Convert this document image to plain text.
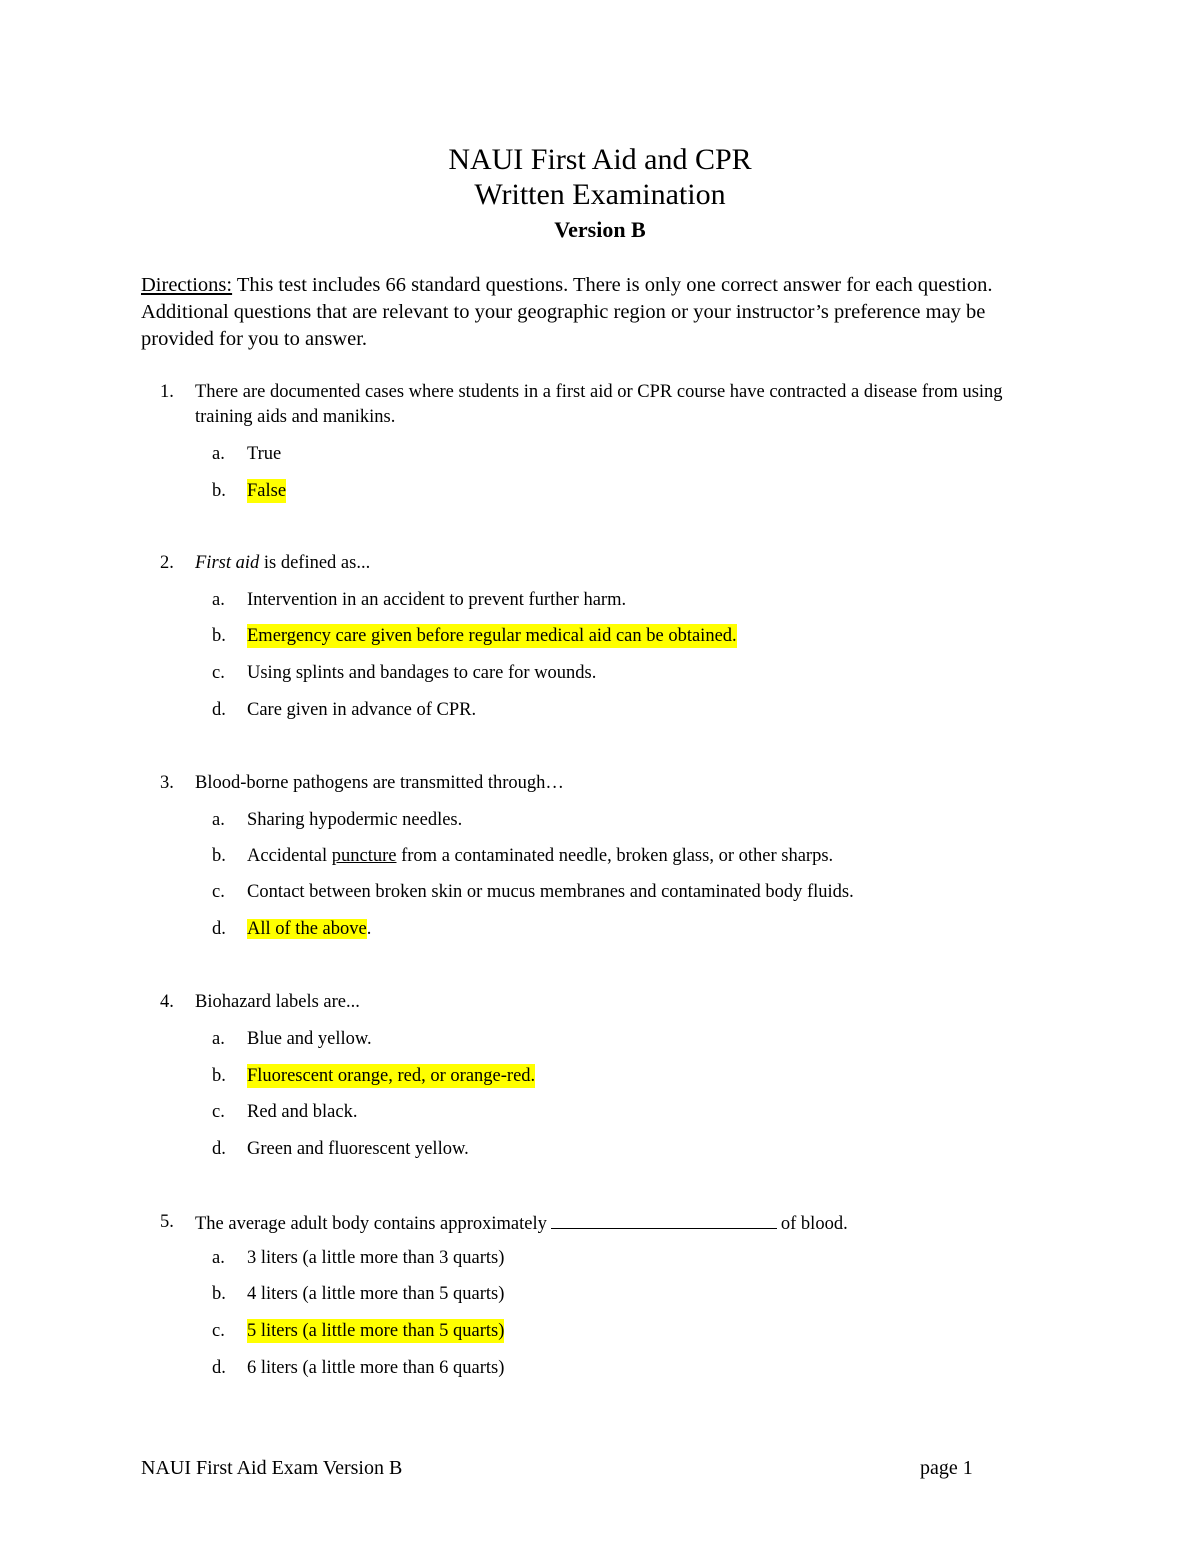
NAUI First Aid and CPR
Written Examination
Version B
Directions: This test includes 66 standard questions. There is only one correct answer for each question. Additional questions that are relevant to your geographic region or your instructor’s preference may be provided for you to answer.
1. There are documented cases where students in a first aid or CPR course have contracted a disease from using training aids and manikins.
a. True
b. False
2. First aid is defined as...
a. Intervention in an accident to prevent further harm.
b. Emergency care given before regular medical aid can be obtained.
c. Using splints and bandages to care for wounds.
d. Care given in advance of CPR.
3. Blood-borne pathogens are transmitted through…
a. Sharing hypodermic needles.
b. Accidental puncture from a contaminated needle, broken glass, or other sharps.
c. Contact between broken skin or mucus membranes and contaminated body fluids.
d. All of the above.
4. Biohazard labels are...
a. Blue and yellow.
b. Fluorescent orange, red, or orange-red.
c. Red and black.
d. Green and fluorescent yellow.
5. The average adult body contains approximately	of blood.
a. 3 liters (a little more than 3 quarts)
b. 4 liters (a little more than 5 quarts)
c. 5 liters (a little more than 5 quarts)
d. 6 liters (a little more than 6 quarts)
NAUI First Aid Exam Version B	page 1
